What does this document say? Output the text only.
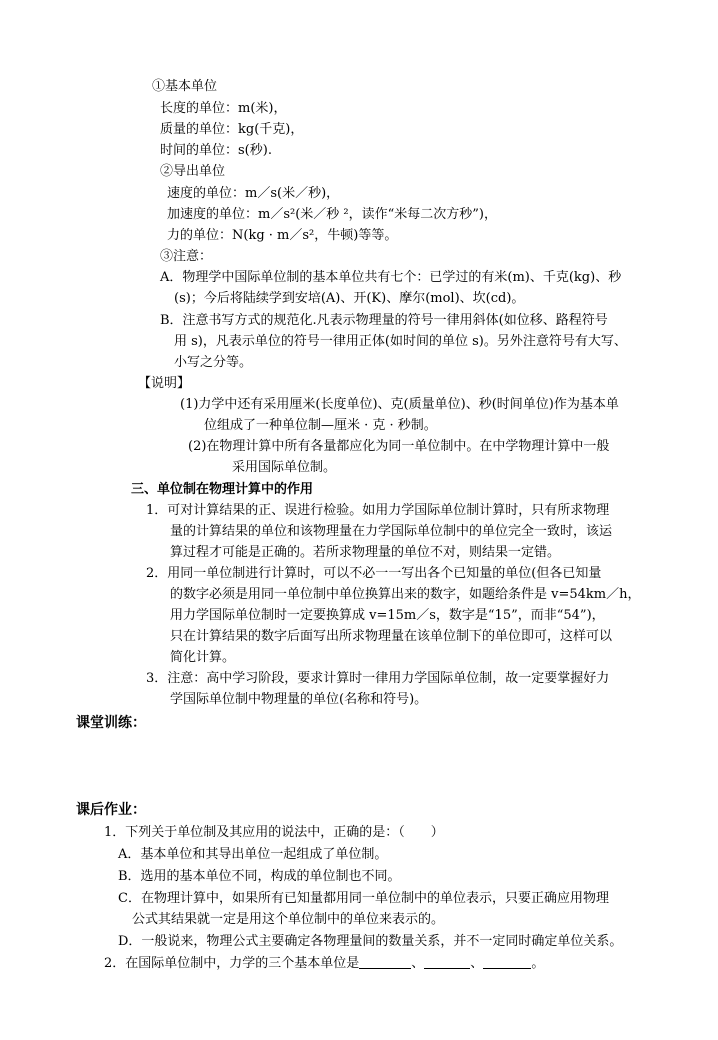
①基本单位
长度的单位：m(米)，
质量的单位：kg(千克)，
时间的单位：s(秒).
②导出单位
速度的单位：m／s(米／秒)，
加速度的单位：m／s²(米／秒 ²，读作“米每二次方秒”)，
力的单位：N(kg · m／s²，牛顿)等等。
③注意：
A．物理学中国际单位制的基本单位共有七个：已学过的有米(m)、千克(kg)、秒
(s)；今后将陆续学到安培(A)、开(K)、摩尔(mol)、坎(cd)。
B．注意书写方式的规范化.凡表示物理量的符号一律用斜体(如位移、路程符号
用 s)，凡表示单位的符号一律用正体(如时间的单位 s)。另外注意符号有大写、
小写之分等。
【说明】
(1)力学中还有采用厘米(长度单位)、克(质量单位)、秒(时间单位)作为基本单
位组成了一种单位制—厘米 · 克 · 秒制。
(2)在物理计算中所有各量都应化为同一单位制中。在中学物理计算中一般
采用国际单位制。
三、单位制在物理计算中的作用
1．可对计算结果的正、误进行检验。如用力学国际单位制计算时，只有所求物理
量的计算结果的单位和该物理量在力学国际单位制中的单位完全一致时，该运
算过程才可能是正确的。若所求物理量的单位不对，则结果一定错。
2．用同一单位制进行计算时，可以不必一一写出各个已知量的单位(但各已知量
的数字必须是用同一单位制中单位换算出来的数字，如题给条件是 v=54km／h，
用力学国际单位制时一定要换算成 v=15m／s，数字是“15”，而非“54”)，
只在计算结果的数字后面写出所求物理量在该单位制下的单位即可，这样可以
简化计算。
3．注意：高中学习阶段，要求计算时一律用力学国际单位制，故一定要掌握好力
学国际单位制中物理量的单位(名称和符号)。
课堂训练：
课后作业：
1．下列关于单位制及其应用的说法中，正确的是：（　　）
A．基本单位和其导出单位一起组成了单位制。
B．选用的基本单位不同，构成的单位制也不同。
C．在物理计算中，如果所有已知量都用同一单位制中的单位表示，只要正确应用物理
公式其结果就一定是用这个单位制中的单位来表示的。
D．一般说来，物理公式主要确定各物理量间的数量关系，并不一定同时确定单位关系。
2．在国际单位制中，力学的三个基本单位是	、	、	。
